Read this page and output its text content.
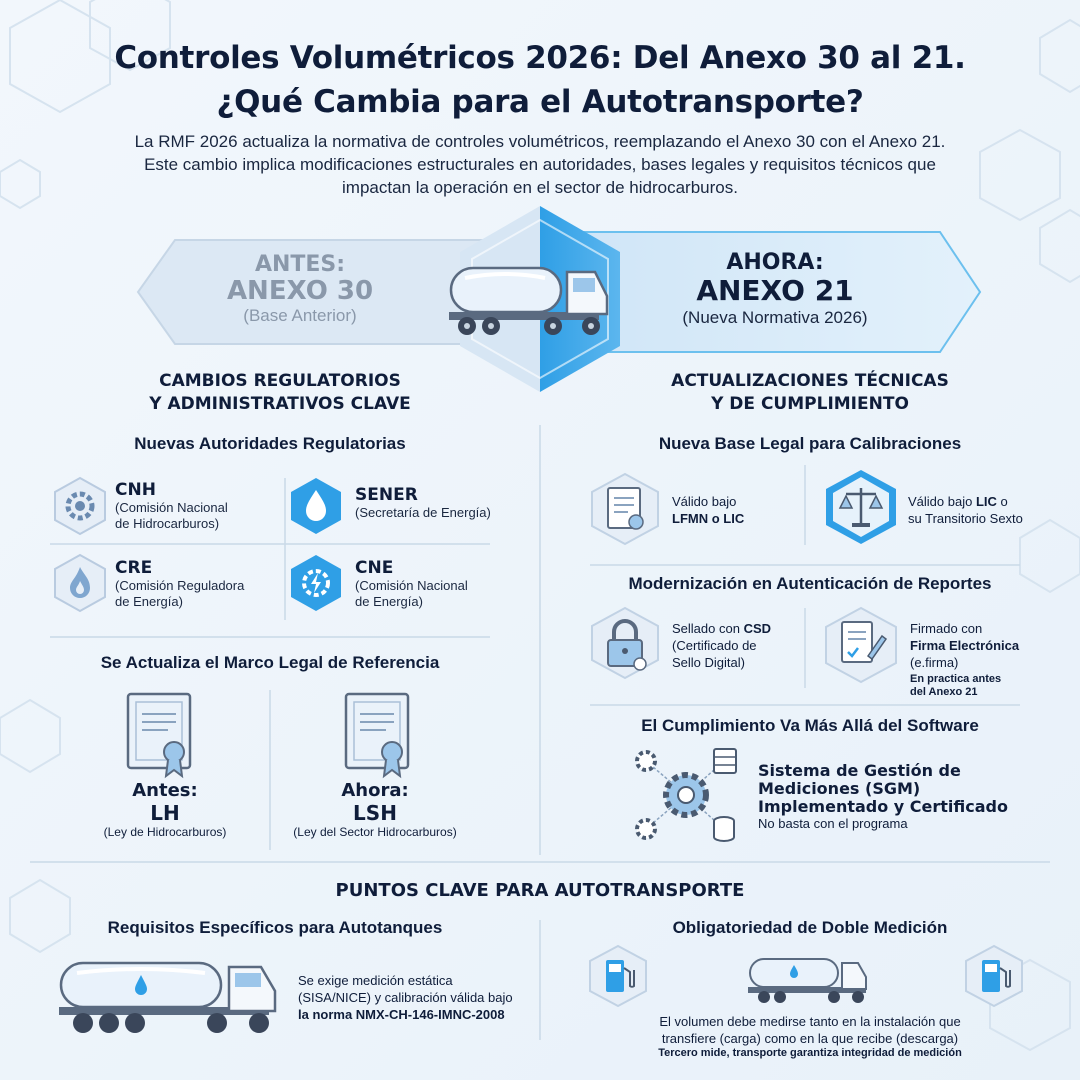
Controles Volumétricos 2026: Del Anexo 30 al 21.
¿Qué Cambia para el Autotransporte?
La RMF 2026 actualiza la normativa de controles volumétricos, reemplazando el Anexo 30 con el Anexo 21.
Este cambio implica modificaciones estructurales en autoridades, bases legales y requisitos técnicos que
impactan la operación en el sector de hidrocarburos.
ANTES:
ANEXO 30
(Base Anterior)
AHORA:
ANEXO 21
(Nueva Normativa 2026)
CAMBIOS REGULATORIOS
Y ADMINISTRATIVOS CLAVE
Nuevas Autoridades Regulatorias
CNH
(Comisión Nacional
de Hidrocarburos)
SENER
(Secretaría de Energía)
CRE
(Comisión Reguladora
de Energía)
CNE
(Comisión Nacional
de Energía)
Se Actualiza el Marco Legal de Referencia
Antes:
LH
(Ley de Hidrocarburos)
Ahora:
LSH
(Ley del Sector Hidrocarburos)
ACTUALIZACIONES TÉCNICAS
Y DE CUMPLIMIENTO
Nueva Base Legal para Calibraciones
Válido bajo
LFMN o LIC
Válido bajo LIC o
su Transitorio Sexto
Modernización en Autenticación de Reportes
Sellado con CSD
(Certificado de
Sello Digital)
Firmado con
Firma Electrónica
(e.firma)
En practica antes
del Anexo 21
El Cumplimiento Va Más Allá del Software
Sistema de Gestión de
Mediciones (SGM)
Implementado y Certificado
No basta con el programa
PUNTOS CLAVE PARA AUTOTRANSPORTE
Requisitos Específicos para Autotanques
Se exige medición estática
(SISA/NICE) y calibración válida bajo
la norma NMX-CH-146-IMNC-2008
Obligatoriedad de Doble Medición
El volumen debe medirse tanto en la instalación que
transfiere (carga) como en la que recibe (descarga)
Tercero mide, transporte garantiza integridad de medición
